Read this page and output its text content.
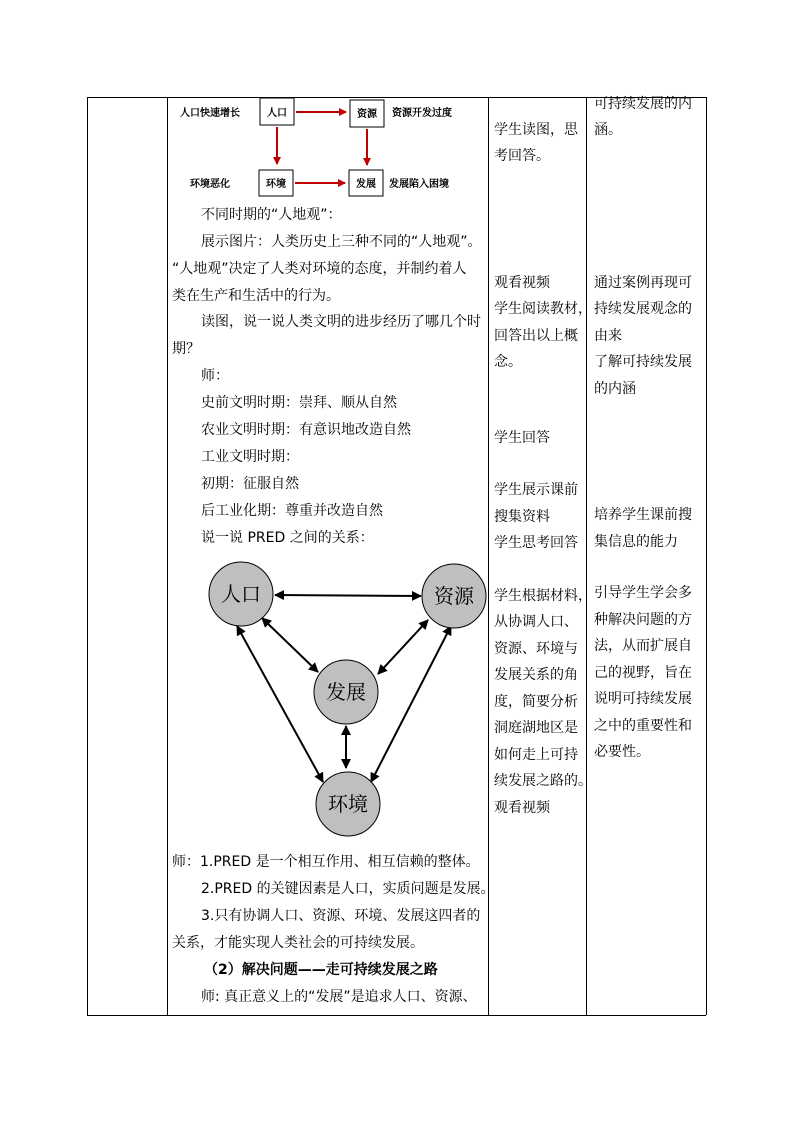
人口快速增长	人口	资源 资源开发过度
环境恶化	环境	发展 发展陷入困境
不同时期的“人地观”：
展示图片：人类历史上三种不同的“人地观”。
“人地观”决定了人类对环境的态度，并制约着人
类在生产和生活中的行为。
读图，说一说人类文明的进步经历了哪几个时
期？
师：
史前文明时期：崇拜、顺从自然
农业文明时期：有意识地改造自然
工业文明时期：
初期：征服自然
后工业化期：尊重并改造自然
说一说 PRED 之间的关系：
人口	资源
发展
环境
师：1.PRED 是一个相互作用、相互信赖的整体。
2.PRED 的关键因素是人口，实质问题是发展。
3.只有协调人口、资源、环境、发展这四者的
关系，才能实现人类社会的可持续发展。
（2）解决问题——走可持续发展之路
师: 真正意义上的“发展”是追求人口、资源、
学生读图，思
考回答。
观看视频
学生阅读教材，
回答出以上概
念。
学生回答
学生展示课前
搜集资料
学生思考回答
学生根据材料，
从协调人口、
资源、环境与
发展关系的角
度，简要分析
洞庭湖地区是
如何走上可持
续发展之路的。
观看视频
可持续发展的内
涵。
通过案例再现可
持续发展观念的
由来
了解可持续发展
的内涵
培养学生课前搜
集信息的能力
引导学生学会多
种解决问题的方
法，从而扩展自
己的视野，旨在
说明可持续发展
之中的重要性和
必要性。
